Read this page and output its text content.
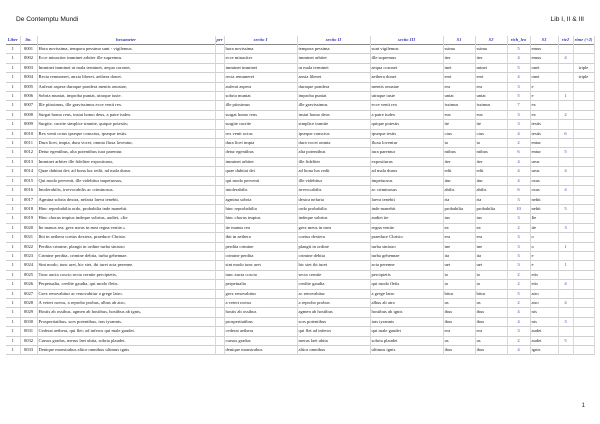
De Contemptu Mundi	Lib I, II & III
Liber	lin.	hexameter	per	sectio I	sectio II	sectio III	S1	S2	rich_leo	S3	rie2	rime (+2)
1	0001	Hora novissima, tempora pessima sunt - vigilemus.		hora novissima	tempora pessima	sunt vigilemus	ssima	ssima	5	emus		
1	0002	Ecce minaciter imminet arbiter ille supremus.		ecce minaciter	imminet arbiter	ille supremus	iter	iter	4	emus	4	
1	0003	Imminet imminet ut mala terminet, aequa coronet,		imminet imminet	ut mala terminet	aequa coronet	inet	minet	5	onet		triple
1	0004	Recta remuneret, anxia liberet, aethera donet.		recta remuneret	anxia liberet	aethera donet	eret	eret	4	onet		triple
1	0005	Auferat aspera duraque pondera mentis onustae,		auferat aspera	duraque pondera	mentis onustae	era	era	3	e		
1	0006	Sobria muniat, improba puniat, utraque iuste.		sobria muniat	improba puniat	utraque iuste	uniat	uniat	5	e	1	
1	0007	Ille piissimus, ille gravissimus ecce venit rex.		ille piissimus	ille gravissimus	ecce venit rex	issimus	issimus	7	ex		
1	0008	Surgat homo reus, instat homo deus, a patre iudex.		surgat homo reus	instat homo deus	a patre iudex	eus	eus	3	ex	2	
1	0009	Surgite, currite simplice tramite, quique potestis;		surgite currite	simplice tramite	quique potestis	ite	ite	3	testis		
1	0010	Rex venit ocius ipseque conscius, ipseque testis.		rex venit ocius	ipseque conscius	ipseque testis	cius	cius	4	testis	6	
1	0011	Dura licet, impia, dura vocet, omnia fluxa loventur,		dura licet impia	dura vocet omnia	fluxa loventur	ia	ia	2	entur		
1	0012	Detur egentibus, alta potentibus iura parentur.		detur egentibus	alta potentibus	iura parentur	ntibus	ntibus	6	entur	5	
1	0013	Imminet arbiter ille fideliter expositurus,		imminet arbiter	ille fideliter	expositurus	iter	iter	4	urus		
1	0014	Quae dubitat det; ad bona lux redit, ad mala durus.		quae dubitat det	ad bona lux redit	ad mala durus	edit	edit	4	urus	4	
1	0015	Qui modo pervenit, ille videbitur impetuosus,		qui modo pervenit	ille videbitur	impetuosus	itur	itur	4	osus		
1	0016	Intolerabilis, irrevocabilis ac criminosus.		intolerabilis	irrevocabilis	ac criminosus	abilis	abilis	6	osus	4	
1	0017	Agmina sobria dextra, nefaria laeva tenebit,		agmina sobria	dextra nefaria	laeva tenebit	ria	ria	3	nebit		
1	0018	Hinc reprobabilia ordo, probabilia inde manebit.		hinc reprobabilia	ordo probabilia	inde manebit	probabilia	probabilia	10	nebit	5	
1	0019	Hinc chorus impius indeque sobrius, audiet, «Ite		hinc chorus impius	indeque sobrius	audiet ite	ius	ius	3	Ite		
1	0020	Ite manus rea; grex meus in mea regna venite.»		ite manus rea	grex meus in mea	regna venite	ea	ea	2	ite	3	
1	0021	Ibit in aethera coetus dexterа, praeduce Christo.		ibit in aethera	coetus dextera	praeduce Christo	era	era	3	o		
1	0022	Perdita crimine, plangit in ordine turba sinistro		perdita crimine	plangit in ordine	turba sinistro	ine	ine	3	o	1	
1	0023	Crimine perdita, crimine debita, turba gehennae.		crimine perdita	crimine debita	turba gehennae	ita	ita	3	e		
1	0024	Sint modo, tunc aret, hic stet, ibi iuret acta perenne.		sint modo tunc aret	hic stet ibi iuret	acta perenne	uet	uet	3	e	1	
1	0025	Tunc aucta coscio secta cernite percipietis,		tunc aucta coscio	secta cernite	percipietis	io	io	2	etis		
1	0026	Perpetualia, credite gaudia, qui modo fletis.		perpetualia	credite gaudia	qui modo fletis	ia	ia	2	etis	4	
1	0027	Grex renovabitur ac renovabitur a grege latro.		grex renovabitur	ac renovabitur	a grege latro	bitur	bitur	5	atro		
1	0028	A veteri novus, a reprobo probus, albus ab atro,		a veteri novus	a reprobo probus	albus ab atro	us	us	2	atro	4	
1	0029	Hostis ab ossibus, agmen ab hostibus, hostibus ab ignis,		hostis ab ossibus	agmen ab hostibus	hostibus ab ignis	ibus	ibus	4	nis		
1	0030	Prosperitatibus, sors potentibus, iras tyrannis.		prosperitatibus	sors potentibus	iras tyrannis	ibus	ibus	4	nis	3	
1	0031	Cederat aethera, qui flet; ad inferos qui male gaudet.		cederat aethera	qui flet ad inferos	qui male gaudet	era	era	3	audet		
1	0032	Cursus gradus, merus laet ubita, sobria plaudet.		cursus gradus	merus laet ubita	sobria plaudet	us	us	2	audet	5	
1	0033	Denique monstrabus altior omnibus ultimus ignis		denique monstrabus	altior omnibus	ultimus ignis	ibus	ibus	4	ignis		
1
